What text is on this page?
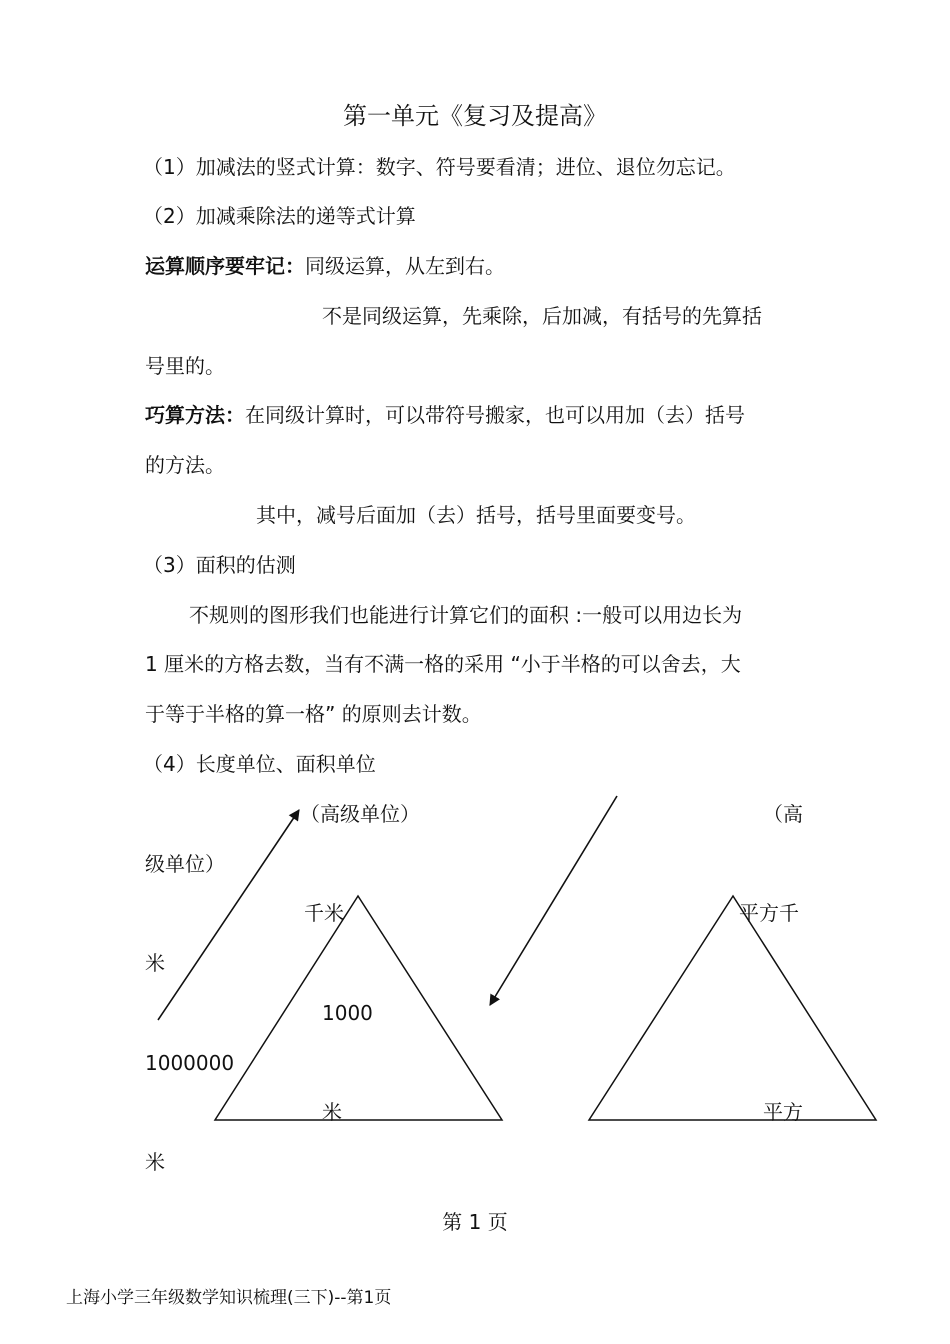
第一单元《复习及提高》
（1）加减法的竖式计算：数字、符号要看清；进位、退位勿忘记。
（2）加减乘除法的递等式计算
运算顺序要牢记：同级运算，从左到右。
不是同级运算，先乘除，后加减，有括号的先算括
号里的。
巧算方法：在同级计算时，可以带符号搬家，也可以用加（去）括号
的方法。
其中，减号后面加（去）括号，括号里面要变号。
（3）面积的估测
不规则的图形我们也能进行计算它们的面积 :一般可以用边长为
1 厘米的方格去数，当有不满一格的采用 “小于半格的可以舍去，大
于等于半格的算一格” 的原则去计数。
（4）长度单位、面积单位
（高级单位）	（高
级单位）
千米	平方千
米
1000
1000000
米	平方
米
第 1 页
上海小学三年级数学知识梳理(三下)--第1页
